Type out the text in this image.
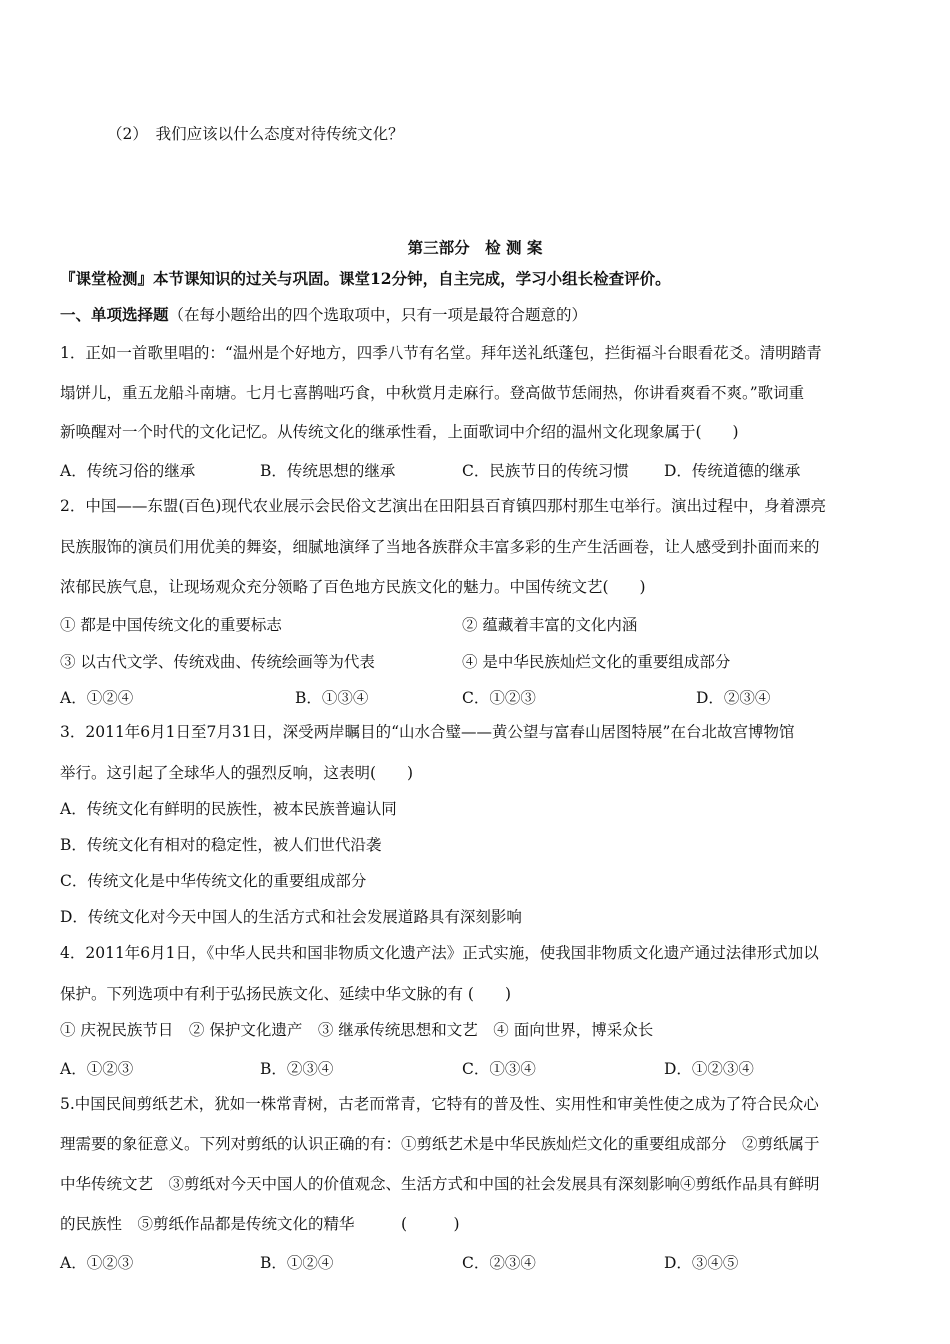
（2）　我们应该以什么态度对待传统文化？
第三部分　检 测 案
『课堂检测』本节课知识的过关与巩固。课堂12分钟，自主完成，学习小组长检查评价。
一、单项选择题（在每小题给出的四个选取项中，只有一项是最符合题意的）
1．正如一首歌里唱的：“温州是个好地方，四季八节有名堂。拜年送礼纸蓬包，拦街福斗台眼看花爻。清明踏青
塌饼儿，重五龙船斗南塘。七月七喜鹊咄巧食，中秋赏月走麻行。登高做节恁闹热，你讲看爽看不爽。”歌词重
新唤醒对一个时代的文化记忆。从传统文化的继承性看，上面歌词中介绍的温州文化现象属于(　　)
A．传统习俗的继承	B．传统思想的继承	C．民族节日的传统习惯 D．传统道德的继承
2．中国——东盟(百色)现代农业展示会民俗文艺演出在田阳县百育镇四那村那生屯举行。演出过程中，身着漂亮
民族服饰的演员们用优美的舞姿，细腻地演绎了当地各族群众丰富多彩的生产生活画卷，让人感受到扑面而来的
浓郁民族气息，让现场观众充分领略了百色地方民族文化的魅力。中国传统文艺(　　)
① 都是中国传统文化的重要标志	② 蕴藏着丰富的文化内涵
③ 以古代文学、传统戏曲、传统绘画等为代表	④ 是中华民族灿烂文化的重要组成部分
A．①②④	B．①③④	C．①②③	D．②③④
3．2011年6月1日至7月31日，深受两岸瞩目的“山水合璧——黄公望与富春山居图特展”在台北故宫博物馆
举行。这引起了全球华人的强烈反响，这表明(　　)
A．传统文化有鲜明的民族性，被本民族普遍认同
B．传统文化有相对的稳定性，被人们世代沿袭
C．传统文化是中华传统文化的重要组成部分
D．传统文化对今天中国人的生活方式和社会发展道路具有深刻影响
4．2011年6月1日，《中华人民共和国非物质文化遗产法》正式实施，使我国非物质文化遗产通过法律形式加以
保护。下列选项中有利于弘扬民族文化、延续中华文脉的有 (　　)
① 庆祝民族节日　② 保护文化遗产　③ 继承传统思想和文艺　④ 面向世界，博采众长
A．①②③	B．②③④	C．①③④	D．①②③④
5.中国民间剪纸艺术，犹如一株常青树，古老而常青，它特有的普及性、实用性和审美性使之成为了符合民众心
理需要的象征意义。下列对剪纸的认识正确的有：①剪纸艺术是中华民族灿烂文化的重要组成部分　②剪纸属于
中华传统文艺　③剪纸对今天中国人的价值观念、生活方式和中国的社会发展具有深刻影响④剪纸作品具有鲜明
的民族性　⑤剪纸作品都是传统文化的精华　　　(　　　)
A．①②③	B．①②④	C．②③④	D．③④⑤
